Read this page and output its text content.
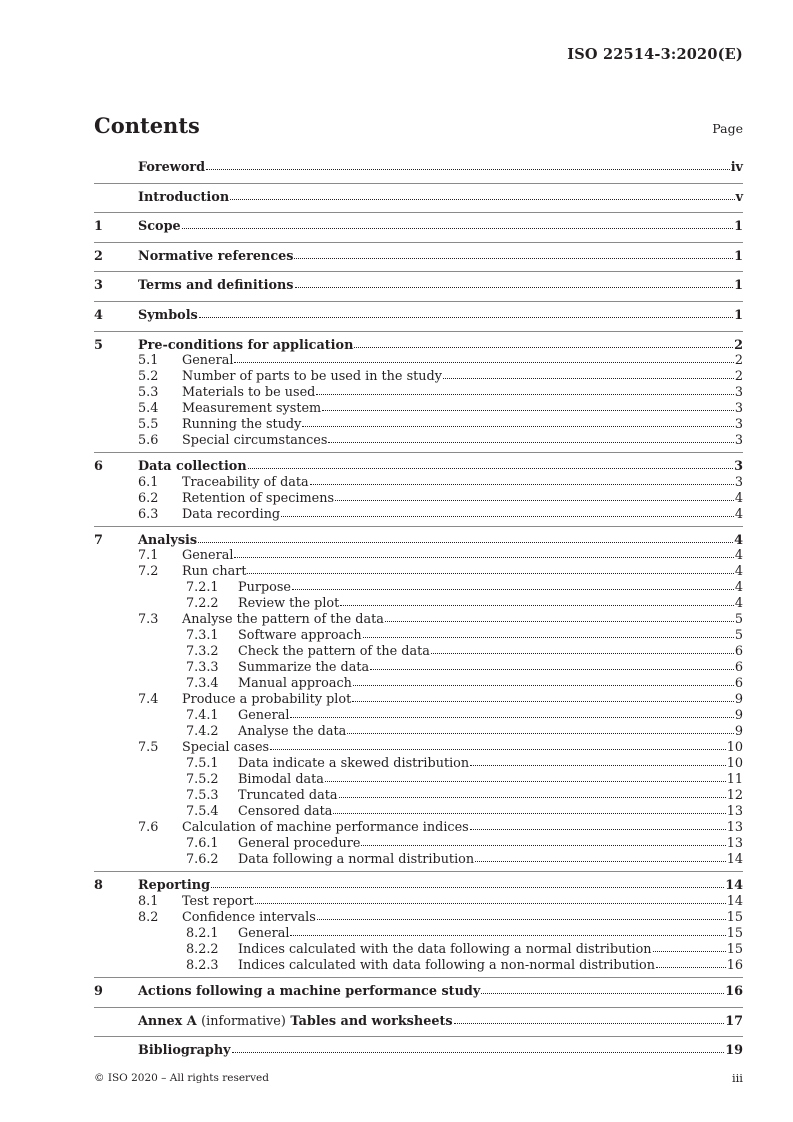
ISO 22514-3:2020(E)
Contents	Page
Foreword	iv
Introduction	v
1	Scope	1
2	Normative references	1
3	Terms and definitions	1
4	Symbols	1
5	Pre-conditions for application	2
5.1	General	2
5.2	Number of parts to be used in the study	2
5.3	Materials to be used	3
5.4	Measurement system	3
5.5	Running the study	3
5.6	Special circumstances	3
6	Data collection	3
6.1	Traceability of data	3
6.2	Retention of specimens	4
6.3	Data recording	4
7	Analysis	4
7.1	General	4
7.2	Run chart	4
7.2.1	Purpose	4
7.2.2	Review the plot	4
7.3	Analyse the pattern of the data	5
7.3.1	Software approach	5
7.3.2	Check the pattern of the data	6
7.3.3	Summarize the data	6
7.3.4	Manual approach	6
7.4	Produce a probability plot	9
7.4.1	General	9
7.4.2	Analyse the data	9
7.5	Special cases	10
7.5.1	Data indicate a skewed distribution	10
7.5.2	Bimodal data	11
7.5.3	Truncated data	12
7.5.4	Censored data	13
7.6	Calculation of machine performance indices	13
7.6.1	General procedure	13
7.6.2	Data following a normal distribution	14
8	Reporting	14
8.1	Test report	14
8.2	Confidence intervals	15
8.2.1	General	15
8.2.2	Indices calculated with the data following a normal distribution	15
8.2.3	Indices calculated with data following a non-normal distribution	16
9	Actions following a machine performance study	16
Annex A (informative) Tables and worksheets	17
Bibliography	19
© ISO 2020 – All rights reserved	iii
